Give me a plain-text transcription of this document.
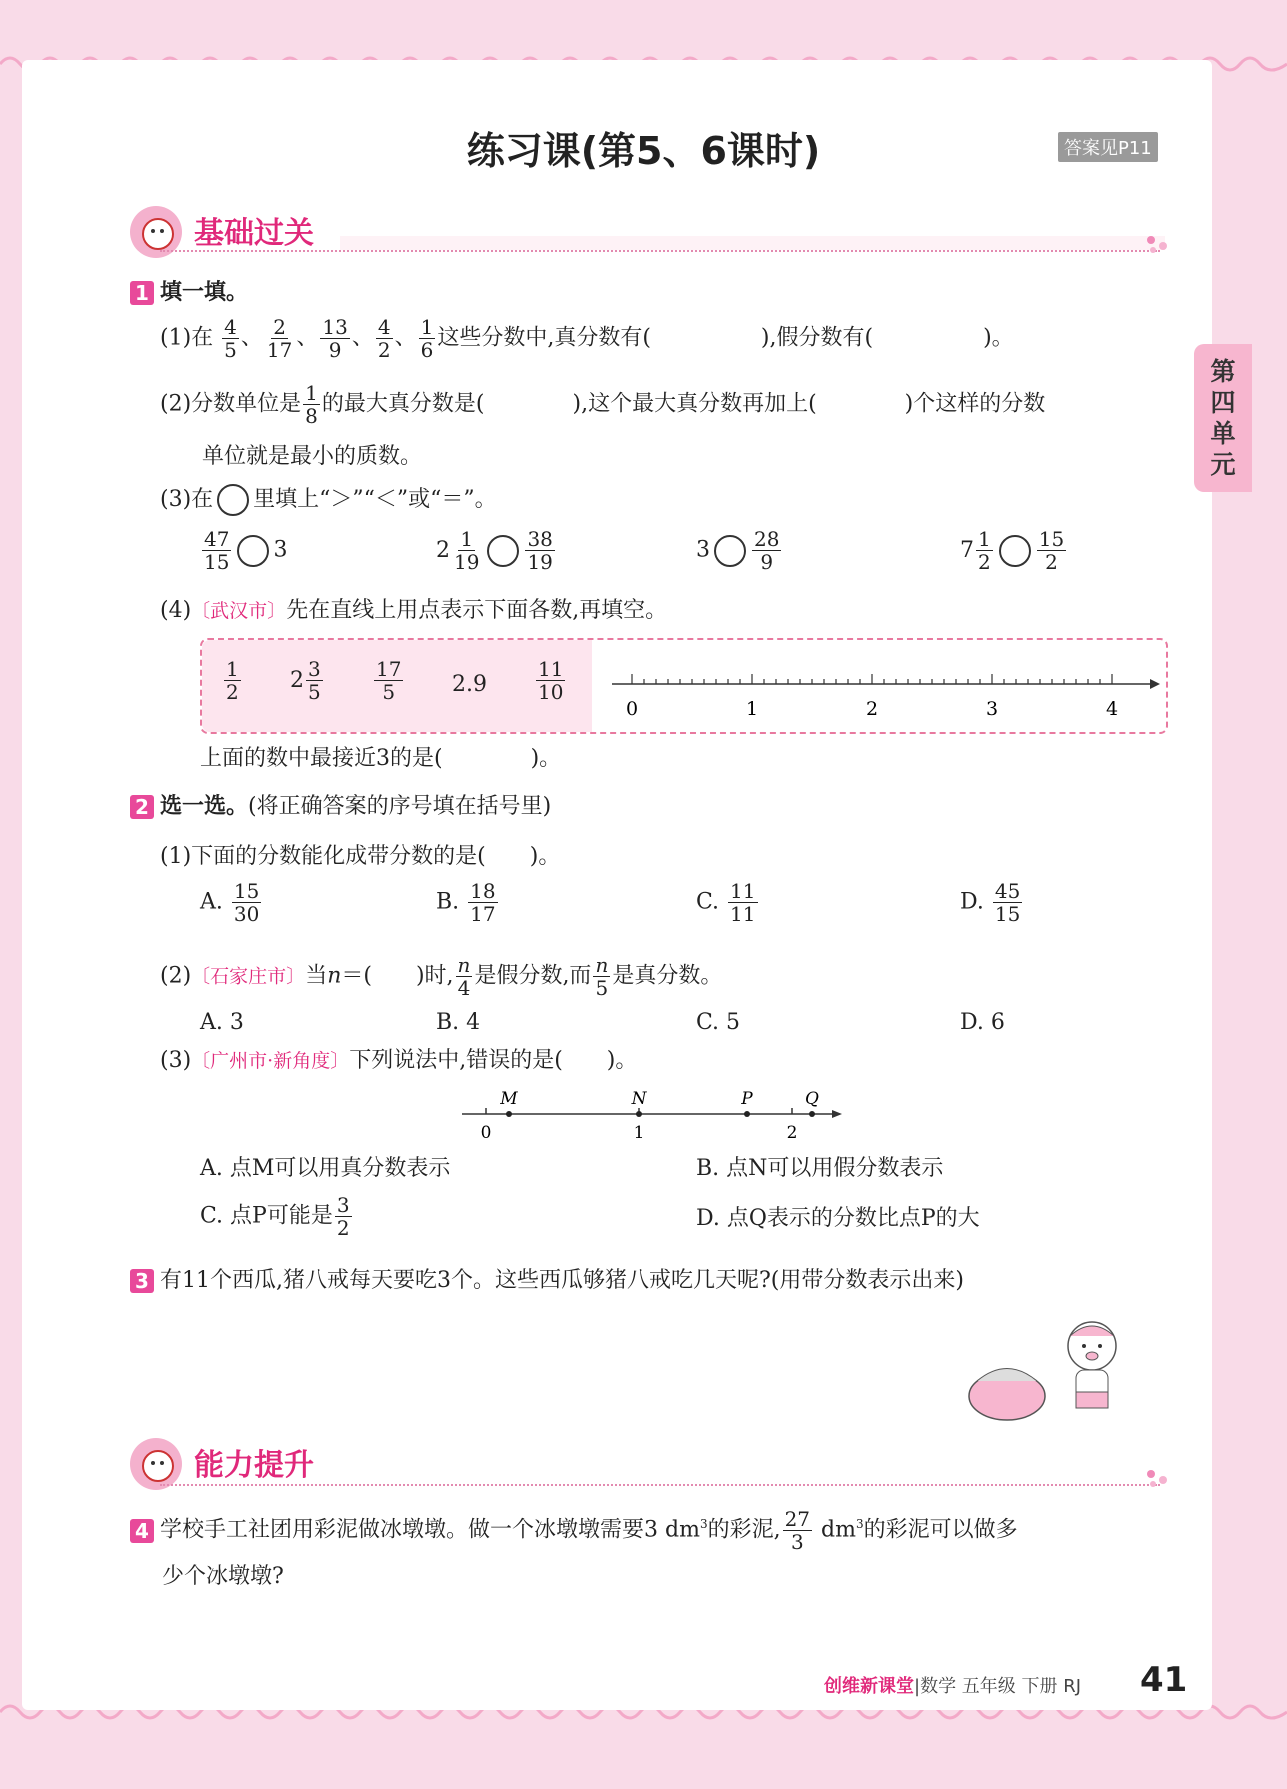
练习课(第5、6课时)	答案见P11
第
四
单
元
基础过关
1 填一填。
(1)在 $\frac{4}{5}$ 、 $\frac{2}{17}$ 、 $\frac{13}{9}$ 、 $\frac{4}{2}$ 、 $\frac{1}{6}$ 这些分数中,真分数有(　　　　　),假分数有(　　　　　)。
(2)分数单位是 $\frac{1}{8}$ 的最大真分数是(　　　　),这个最大真分数再加上(　　　　)个这样的分数
单位就是最小的质数。
(3)在 里填上“＞”“＜”或“＝”。
$\frac{47}{15} 3$	$2 \frac{1}{19} \frac{38}{19}$	$3 \frac{28}{9}$	$7 \frac{1}{2} \frac{15}{2}$
(4)〔武汉市〕先在直线上用点表示下面各数,再填空。
$\frac{1}{2} 2 \frac{3}{5}$	$\frac{17}{5} 2.9 \frac{11}{10}$
0	1	2	3	4
上面的数中最接近3的是(　　　　)。
2 选一选。(将正确答案的序号填在括号里)
(1)下面的分数能化成带分数的是(　　)。
A. $\frac{15}{30}$	B. $\frac{18}{17}$	C. $\frac{11}{11}$	D. $\frac{45}{15}$
(2)〔石家庄市〕当n＝(　　)时, $\frac{n}{4}$ 是假分数,而 $\frac{n}{5}$ 是真分数。
A. 3	B. 4	C. 5	D. 6
(3)〔广州市·新角度〕下列说法中,错误的是(　　)。
M	N	P	Q
0	1	2
A. 点M可以用真分数表示	B. 点N可以用假分数表示
C. 点P可能是 $\frac{3}{2}$	D. 点Q表示的分数比点P的大
3 有11个西瓜,猪八戒每天要吃3个。这些西瓜够猪八戒吃几天呢?(用带分数表示出来)
能力提升
4 学校手工社团用彩泥做冰墩墩。做一个冰墩墩需要3 $dm^3$的彩泥, $\frac{27}{3} dm^3$的彩泥可以做多
少个冰墩墩?
创维新课堂|数学 五年级 下册 RJ 41
